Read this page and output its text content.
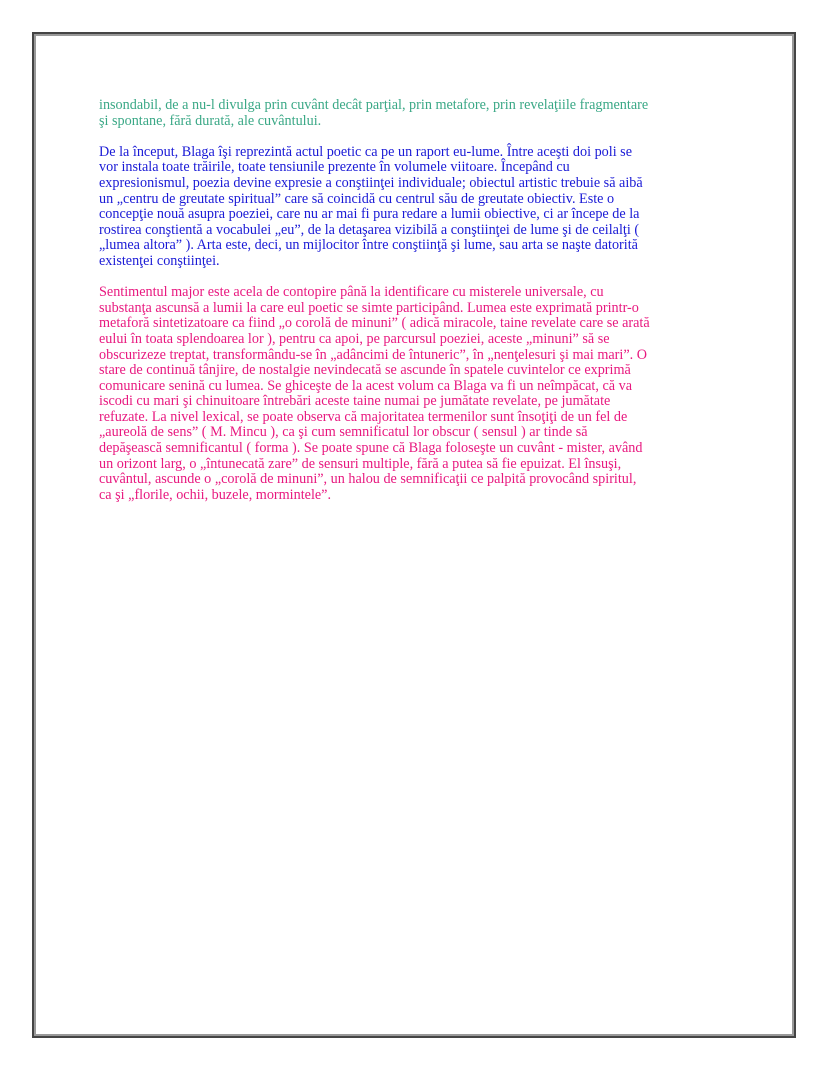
insondabil, de a nu-l divulga prin cuvânt decât parţial, prin metafore, prin revelaţiile fragmentare
şi spontane, fără durată, ale cuvântului.

De la început, Blaga îşi reprezintă actul poetic ca pe un raport eu-lume. Între aceşti doi poli se
vor instala toate trăirile, toate tensiunile prezente în volumele viitoare. Începând cu
expresionismul, poezia devine expresie a conştiinţei individuale; obiectul artistic trebuie să aibă
un „centru de greutate spiritual” care să coincidă cu centrul său de greutate obiectiv. Este o
concepţie nouă asupra poeziei, care nu ar mai fi pura redare a lumii obiective, ci ar începe de la
rostirea conştientă a vocabulei „eu”, de la detaşarea vizibilă a conştiinţei de lume şi de ceilalţi (
„lumea altora” ). Arta este, deci, un mijlocitor între conştiinţă şi lume, sau arta se naşte datorită
existenţei conştiinţei.

Sentimentul major este acela de contopire până la identificare cu misterele universale, cu
substanţa ascunsă a lumii la care eul poetic se simte participând. Lumea este exprimată printr-o
metaforă sintetizatoare ca fiind „o corolă de minuni” ( adică miracole, taine revelate care se arată
eului în toata splendoarea lor ), pentru ca apoi, pe parcursul poeziei, aceste „minuni” să se
obscurizeze treptat, transformându-se în „adâncimi de întuneric”, în „nenţelesuri şi mai mari”. O
stare de continuă tânjire, de nostalgie nevindecată se ascunde în spatele cuvintelor ce exprimă
comunicare senină cu lumea. Se ghiceşte de la acest volum ca Blaga va fi un neîmpăcat, că va
iscodi cu mari şi chinuitoare întrebări aceste taine numai pe jumătate revelate, pe jumătate
refuzate. La nivel lexical, se poate observa că majoritatea termenilor sunt însoţiţi de un fel de
„aureolă de sens” ( M. Mincu ), ca şi cum semnificatul lor obscur ( sensul ) ar tinde să
depăşească semnificantul ( forma ). Se poate spune că Blaga foloseşte un cuvânt - mister, având
un orizont larg, o „întunecată zare” de sensuri multiple, fără a putea să fie epuizat. El însuşi,
cuvântul, ascunde o „corolă de minuni”, un halou de semnificaţii ce palpită provocând spiritul,
ca şi „florile, ochii, buzele, mormintele”.
